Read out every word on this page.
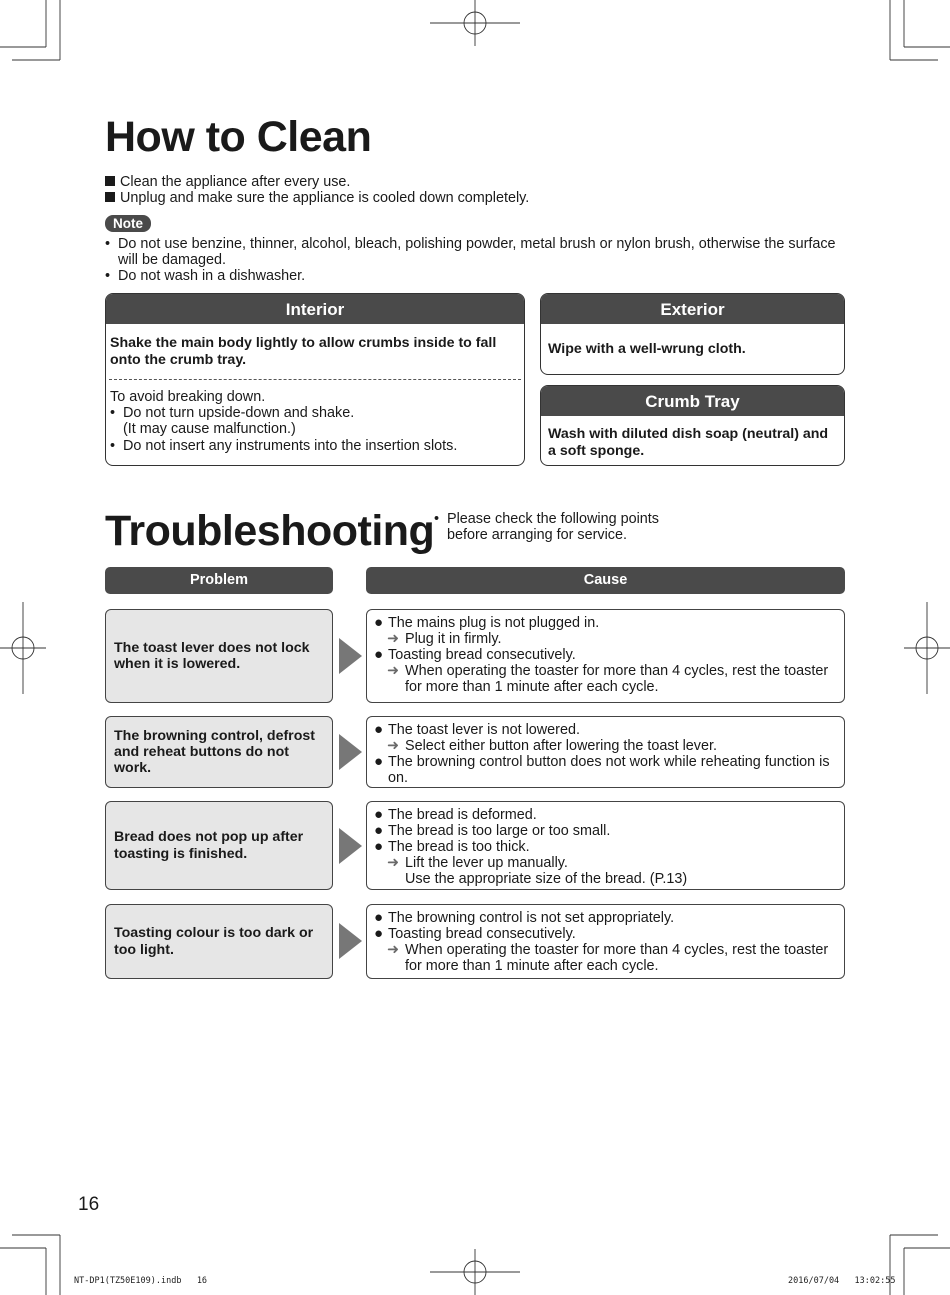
How to Clean
Clean the appliance after every use.
Unplug and make sure the appliance is cooled down completely.
Note
• Do not use benzine, thinner, alcohol, bleach, polishing powder, metal brush or nylon brush, otherwise the surface will be damaged.
• Do not wash in a dishwasher.
Interior
Shake the main body lightly to allow crumbs inside to fall onto the crumb tray.
To avoid breaking down.
• Do not turn upside-down and shake.
(It may cause malfunction.)
• Do not insert any instruments into the insertion slots.
Exterior
Wipe with a well-wrung cloth.
Crumb Tray
Wash with diluted dish soap (neutral) and a soft sponge.
Troubleshooting • Please check the following points
before arranging for service.
Problem	Cause
The toast lever does not lock when it is lowered.
● The mains plug is not plugged in.
➜ Plug it in firmly.
● Toasting bread consecutively.
➜ When operating the toaster for more than 4 cycles, rest the toaster for more than 1 minute after each cycle.
The browning control, defrost and reheat buttons do not work.
● The toast lever is not lowered.
➜ Select either button after lowering the toast lever.
● The browning control button does not work while reheating function is on.
Bread does not pop up after toasting is finished.
● The bread is deformed.
● The bread is too large or too small.
● The bread is too thick.
➜ Lift the lever up manually.
Use the appropriate size of the bread. (P.13)
Toasting colour is too dark or too light.
● The browning control is not set appropriately.
● Toasting bread consecutively.
➜ When operating the toaster for more than 4 cycles, rest the toaster for more than 1 minute after each cycle.
16
NT-DP1(TZ50E109).indb   16	2016/07/04   13:02:55
